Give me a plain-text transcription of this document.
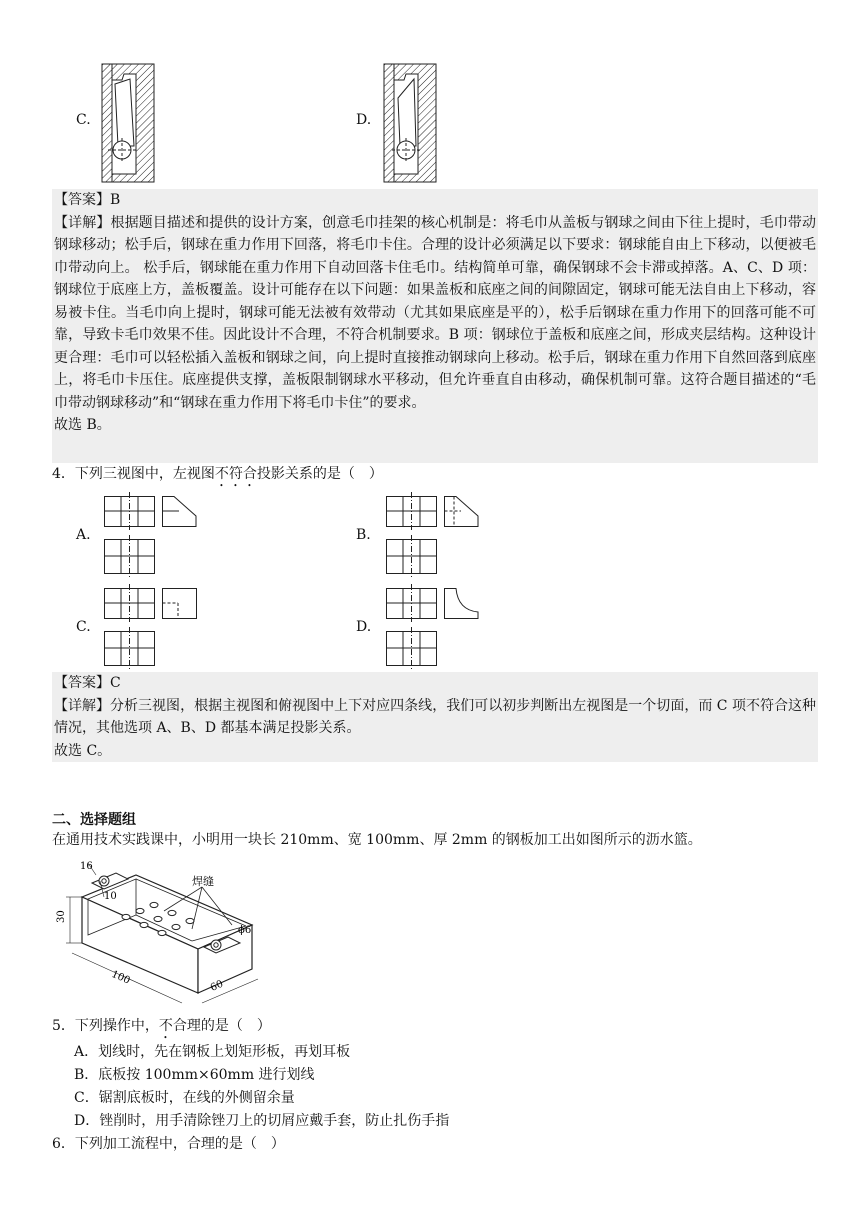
C.	D.
【答案】B
【详解】根据题目描述和提供的设计方案，创意毛巾挂架的核心机制是：将毛巾从盖板与钢球之间由下往上提时，毛巾带动钢球移动；松手后，钢球在重力作用下回落，将毛巾卡住。合理的设计必须满足以下要求：钢球能自由上下移动，以便被毛巾带动向上。 松手后，钢球能在重力作用下自动回落卡住毛巾。结构简单可靠，确保钢球不会卡滞或掉落。A、C、D 项：钢球位于底座上方，盖板覆盖。设计可能存在以下问题：如果盖板和底座之间的间隙固定，钢球可能无法自由上下移动，容易被卡住。当毛巾向上提时，钢球可能无法被有效带动（尤其如果底座是平的），松手后钢球在重力作用下的回落可能不可靠，导致卡毛巾效果不佳。因此设计不合理，不符合机制要求。B 项：钢球位于盖板和底座之间，形成夹层结构。这种设计更合理：毛巾可以轻松插入盖板和钢球之间，向上提时直接推动钢球向上移动。松手后，钢球在重力作用下自然回落到底座上，将毛巾卡压住。底座提供支撑，盖板限制钢球水平移动，但允许垂直自由移动，确保机制可靠。这符合题目描述的“毛巾带动钢球移动”和“钢球在重力作用下将毛巾卡住”的要求。
故选 B。
4．下列三视图中，左视图不符合投影关系的是（　）
A.	B.
C.	D.
【答案】C
【详解】分析三视图，根据主视图和俯视图中上下对应四条线，我们可以初步判断出左视图是一个切面，而 C 项不符合这种情况，其他选项 A、B、D 都基本满足投影关系。
故选 C。
二、选择题组
在通用技术实践课中，小明用一块长 210mm、宽 100mm、厚 2mm 的钢板加工出如图所示的沥水篮。
焊缝
16
10
30
ϕ6
100	60
5．下列操作中，不合理的是（　）
A．划线时，先在钢板上划矩形板，再划耳板
B．底板按 100mm×60mm 进行划线
C．锯割底板时，在线的外侧留余量
D．锉削时，用手清除锉刀上的切屑应戴手套，防止扎伤手指
6．下列加工流程中，合理的是（　）
